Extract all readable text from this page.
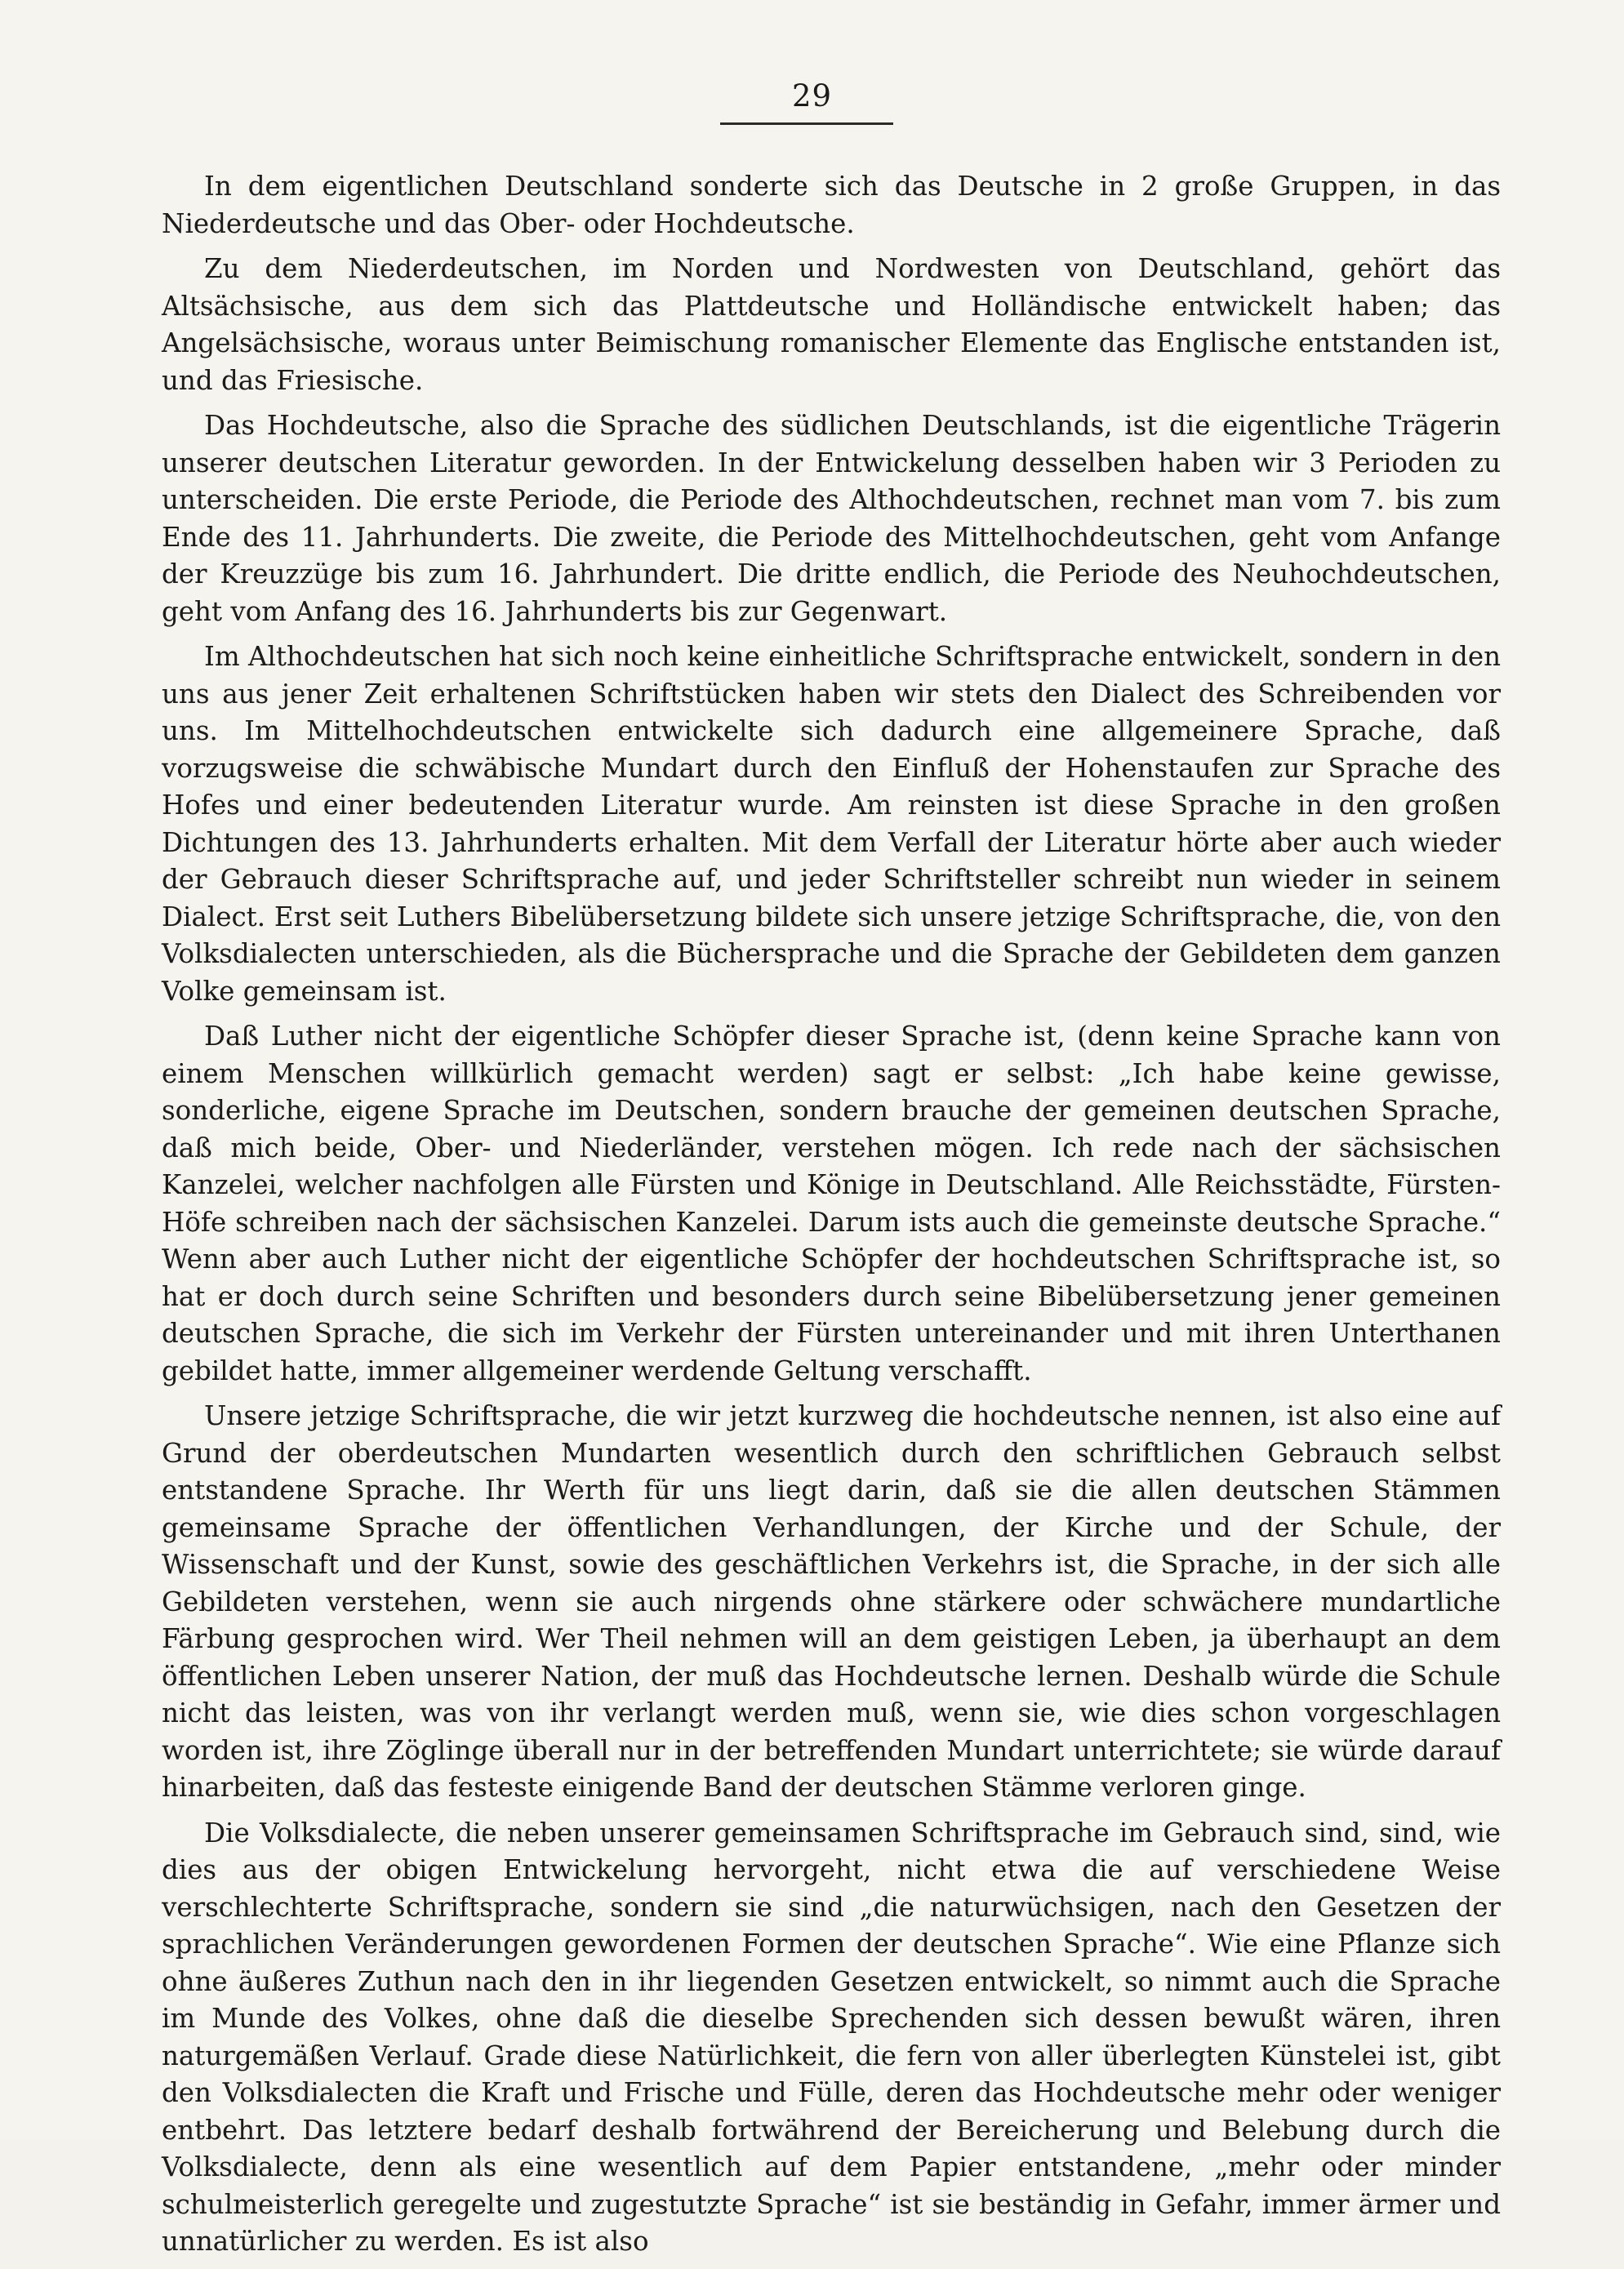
29

In dem eigentlichen Deutschland sonderte sich das Deutsche in 2 große Gruppen, in das Niederdeutsche und das Ober- oder Hochdeutsche.

Zu dem Niederdeutschen, im Norden und Nordwesten von Deutschland, gehört das Altsächsische, aus dem sich das Plattdeutsche und Holländische entwickelt haben; das Angelsächsische, woraus unter Beimischung romanischer Elemente das Englische entstanden ist, und das Friesische.

Das Hochdeutsche, also die Sprache des südlichen Deutschlands, ist die eigentliche Trägerin unserer deutschen Literatur geworden. In der Entwickelung desselben haben wir 3 Perioden zu unterscheiden. Die erste Periode, die Periode des Althochdeutschen, rechnet man vom 7. bis zum Ende des 11. Jahrhunderts. Die zweite, die Periode des Mittelhochdeutschen, geht vom Anfange der Kreuzzüge bis zum 16. Jahrhundert. Die dritte endlich, die Periode des Neuhochdeutschen, geht vom Anfang des 16. Jahrhunderts bis zur Gegenwart.

Im Althochdeutschen hat sich noch keine einheitliche Schriftsprache entwickelt, sondern in den uns aus jener Zeit erhaltenen Schriftstücken haben wir stets den Dialect des Schreibenden vor uns. Im Mittelhochdeutschen entwickelte sich dadurch eine allgemeinere Sprache, daß vorzugsweise die schwäbische Mundart durch den Einfluß der Hohenstaufen zur Sprache des Hofes und einer bedeutenden Literatur wurde. Am reinsten ist diese Sprache in den großen Dichtungen des 13. Jahrhunderts erhalten. Mit dem Verfall der Literatur hörte aber auch wieder der Gebrauch dieser Schriftsprache auf, und jeder Schriftsteller schreibt nun wieder in seinem Dialect. Erst seit Luthers Bibelübersetzung bildete sich unsere jetzige Schriftsprache, die, von den Volksdialecten unterschieden, als die Büchersprache und die Sprache der Gebildeten dem ganzen Volke gemeinsam ist.

Daß Luther nicht der eigentliche Schöpfer dieser Sprache ist, (denn keine Sprache kann von einem Menschen willkürlich gemacht werden) sagt er selbst: „Ich habe keine gewisse, sonderliche, eigene Sprache im Deutschen, sondern brauche der gemeinen deutschen Sprache, daß mich beide, Ober- und Niederländer, verstehen mögen. Ich rede nach der sächsischen Kanzelei, welcher nachfolgen alle Fürsten und Könige in Deutschland. Alle Reichsstädte, Fürsten-Höfe schreiben nach der sächsischen Kanzelei. Darum ists auch die gemeinste deutsche Sprache.“ Wenn aber auch Luther nicht der eigentliche Schöpfer der hochdeutschen Schriftsprache ist, so hat er doch durch seine Schriften und besonders durch seine Bibelübersetzung jener gemeinen deutschen Sprache, die sich im Verkehr der Fürsten untereinander und mit ihren Unterthanen gebildet hatte, immer allgemeiner werdende Geltung verschafft.

Unsere jetzige Schriftsprache, die wir jetzt kurzweg die hochdeutsche nennen, ist also eine auf Grund der oberdeutschen Mundarten wesentlich durch den schriftlichen Gebrauch selbst entstandene Sprache. Ihr Werth für uns liegt darin, daß sie die allen deutschen Stämmen gemeinsame Sprache der öffentlichen Verhandlungen, der Kirche und der Schule, der Wissenschaft und der Kunst, sowie des geschäftlichen Verkehrs ist, die Sprache, in der sich alle Gebildeten verstehen, wenn sie auch nirgends ohne stärkere oder schwächere mundartliche Färbung gesprochen wird. Wer Theil nehmen will an dem geistigen Leben, ja überhaupt an dem öffentlichen Leben unserer Nation, der muß das Hochdeutsche lernen. Deshalb würde die Schule nicht das leisten, was von ihr verlangt werden muß, wenn sie, wie dies schon vorgeschlagen worden ist, ihre Zöglinge überall nur in der betreffenden Mundart unterrichtete; sie würde darauf hinarbeiten, daß das festeste einigende Band der deutschen Stämme verloren ginge.

Die Volksdialecte, die neben unserer gemeinsamen Schriftsprache im Gebrauch sind, sind, wie dies aus der obigen Entwickelung hervorgeht, nicht etwa die auf verschiedene Weise verschlechterte Schriftsprache, sondern sie sind „die naturwüchsigen, nach den Gesetzen der sprachlichen Veränderungen gewordenen Formen der deutschen Sprache“. Wie eine Pflanze sich ohne äußeres Zuthun nach den in ihr liegenden Gesetzen entwickelt, so nimmt auch die Sprache im Munde des Volkes, ohne daß die dieselbe Sprechenden sich dessen bewußt wären, ihren naturgemäßen Verlauf. Grade diese Natürlichkeit, die fern von aller überlegten Künstelei ist, gibt den Volksdialecten die Kraft und Frische und Fülle, deren das Hochdeutsche mehr oder weniger entbehrt. Das letztere bedarf deshalb fortwährend der Bereicherung und Belebung durch die Volksdialecte, denn als eine wesentlich auf dem Papier entstandene, „mehr oder minder schulmeisterlich geregelte und zugestutzte Sprache“ ist sie beständig in Gefahr, immer ärmer und unnatürlicher zu werden. Es ist also
